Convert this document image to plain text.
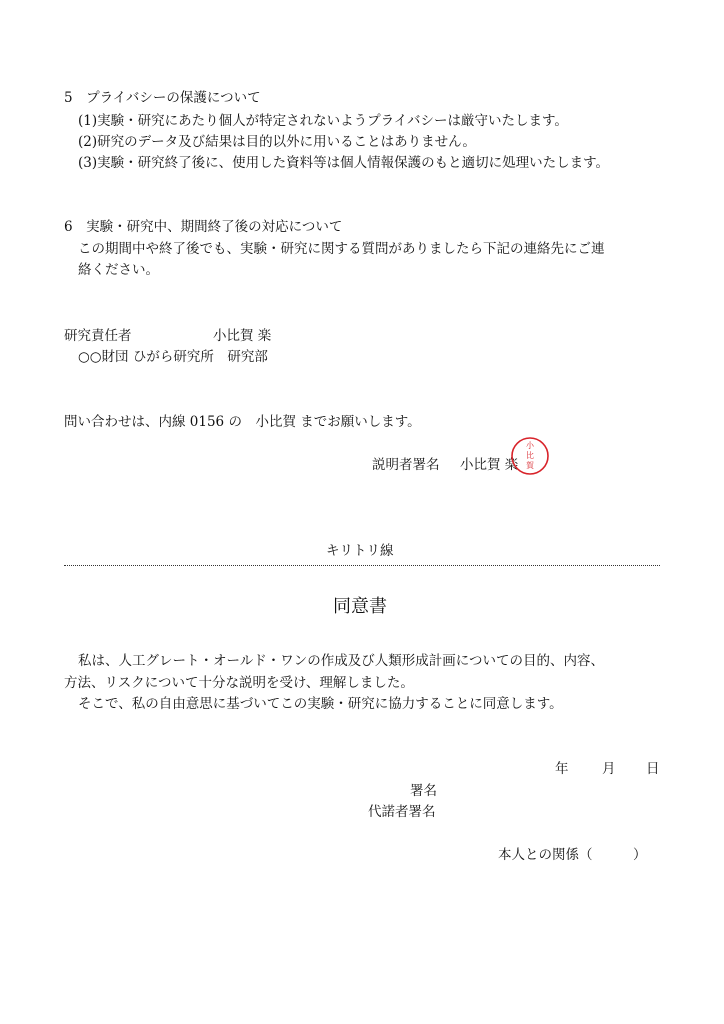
5　プライバシーの保護について

(1)実験・研究にあたり個人が特定されないようプライバシーは厳守いたします。

(2)研究のデータ及び結果は目的以外に用いることはありません。

(3)実験・研究終了後に、使用した資料等は個人情報保護のもと適切に処理いたします。

6　実験・研究中、期間終了後の対応について

この期間中や終了後でも、実験・研究に関する質問がありましたら下記の連絡先にご連

絡ください。

研究責任者	小比賀 楽

○○財団 ひがら研究所　研究部

問い合わせは、内線 0156 の　小比賀 までお願いします。

説明者署名 小比賀 楽

小
比
賀

キリトリ線

同意書

私は、人工グレート・オールド・ワンの作成及び人類形成計画についての目的、内容、

方法、リスクについて十分な説明を受け、理解しました。

そこで、私の自由意思に基づいてこの実験・研究に協力することに同意します。

年 月 日

署名

代諾者署名

本人との関係（　　　）
